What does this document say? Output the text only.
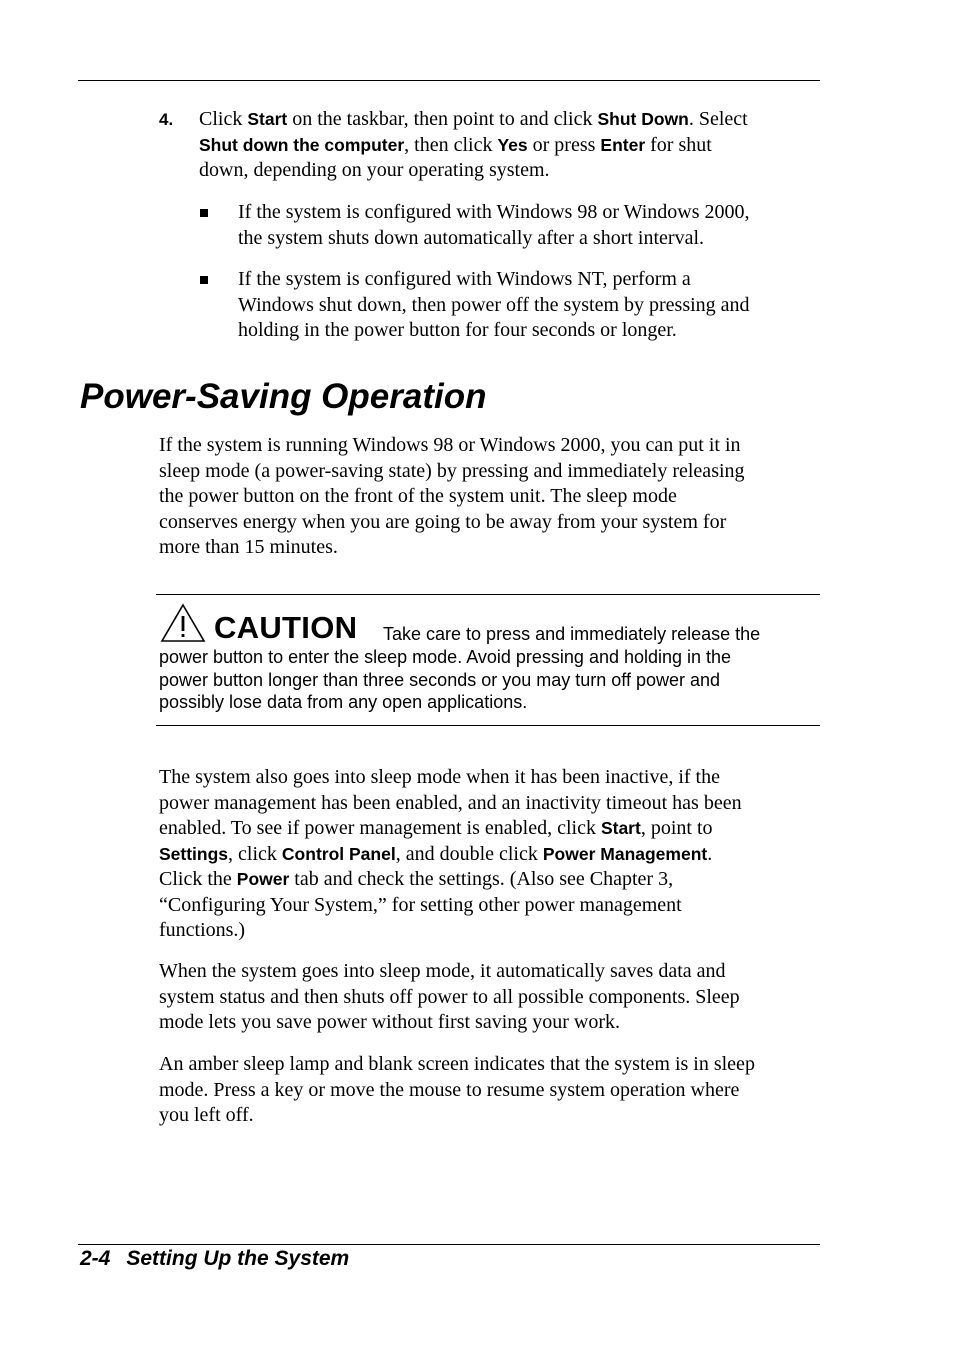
4. Click Start on the taskbar, then point to and click Shut Down. Select
Shut down the computer, then click Yes or press Enter for shut
down, depending on your operating system.
If the system is configured with Windows 98 or Windows 2000,
the system shuts down automatically after a short interval.
If the system is configured with Windows NT, perform a
Windows shut down, then power off the system by pressing and
holding in the power button for four seconds or longer.
Power-Saving Operation
If the system is running Windows 98 or Windows 2000, you can put it in
sleep mode (a power-saving state) by pressing and immediately releasing
the power button on the front of the system unit. The sleep mode
conserves energy when you are going to be away from your system for
more than 15 minutes.
CAUTION Take care to press and immediately release the
power button to enter the sleep mode. Avoid pressing and holding in the
power button longer than three seconds or you may turn off power and
possibly lose data from any open applications.
The system also goes into sleep mode when it has been inactive, if the
power management has been enabled, and an inactivity timeout has been
enabled. To see if power management is enabled, click Start, point to
Settings, click Control Panel, and double click Power Management.
Click the Power tab and check the settings. (Also see Chapter 3,
“Configuring Your System,” for setting other power management
functions.)
When the system goes into sleep mode, it automatically saves data and
system status and then shuts off power to all possible components. Sleep
mode lets you save power without first saving your work.
An amber sleep lamp and blank screen indicates that the system is in sleep
mode. Press a key or move the mouse to resume system operation where
you left off.
2-4 Setting Up the System
